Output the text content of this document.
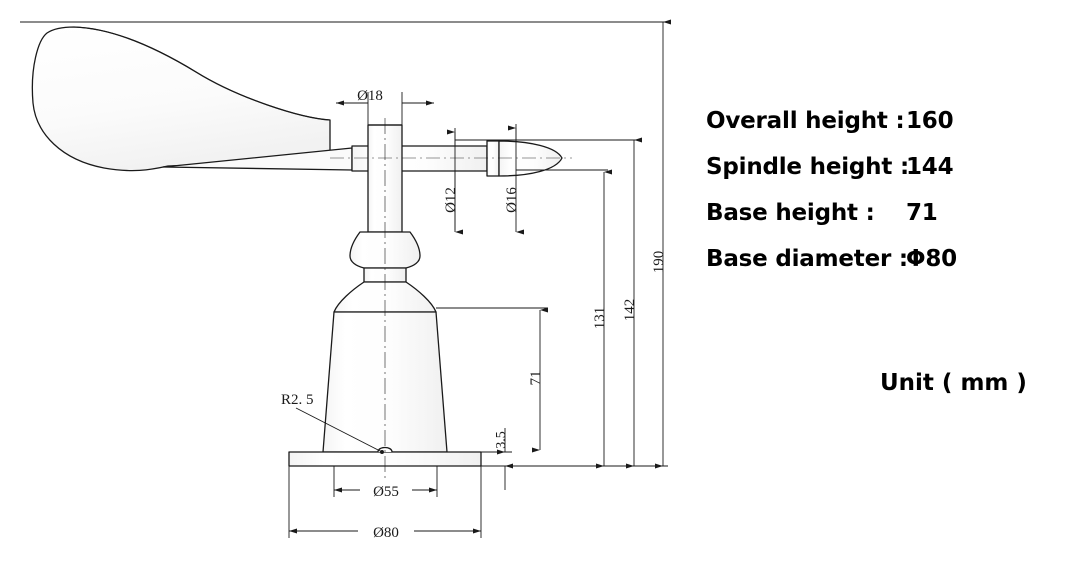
Ø18
Ø12	Ø16
131 142
190
71
3.5
R2. 5
Ø55
Ø80
Overall height : 160
Spindle height :
144
Base height :	71
Base diameter :
Φ80
Unit ( mm )
